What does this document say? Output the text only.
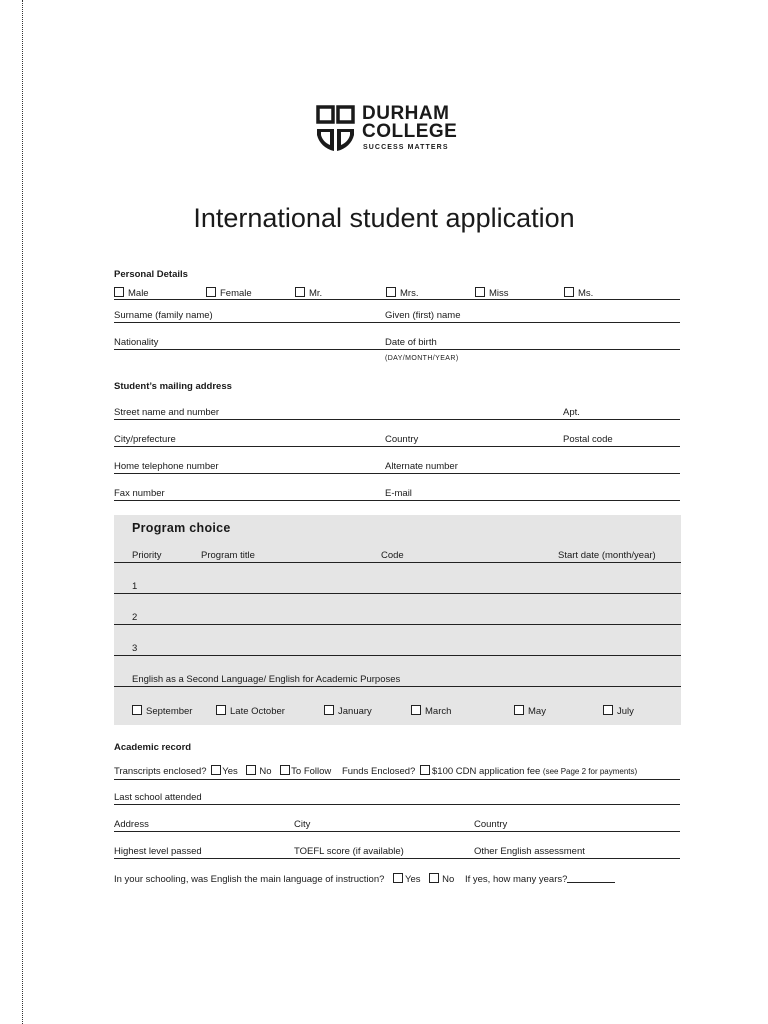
DURHAM
COLLEGE
SUCCESS MATTERS
International student application
Personal Details
Male	Female	Mr.	Mrs.	Miss	Ms.
Surname (family name)	Given (first) name
Nationality	Date of birth
(DAY/MONTH/YEAR)
Student’s mailing address
Street name and number	Apt.
City/prefecture	Country	Postal code
Home telephone number	Alternate number
Fax number	E-mail
Program choice
Priority	Program title	Code	Start date (month/year)
1
2
3
English as a Second Language/ English for Academic Purposes
September	Late October	January	March	May	July
Academic record
Transcripts enclosed? Yes No To Follow Funds Enclosed? $100 CDN application fee (see Page 2 for payments)
Last school attended
Address	City	Country
Highest level passed	TOEFL score (if available)	Other English assessment
In your schooling, was English the main language of instruction? Yes No If yes, how many years?
